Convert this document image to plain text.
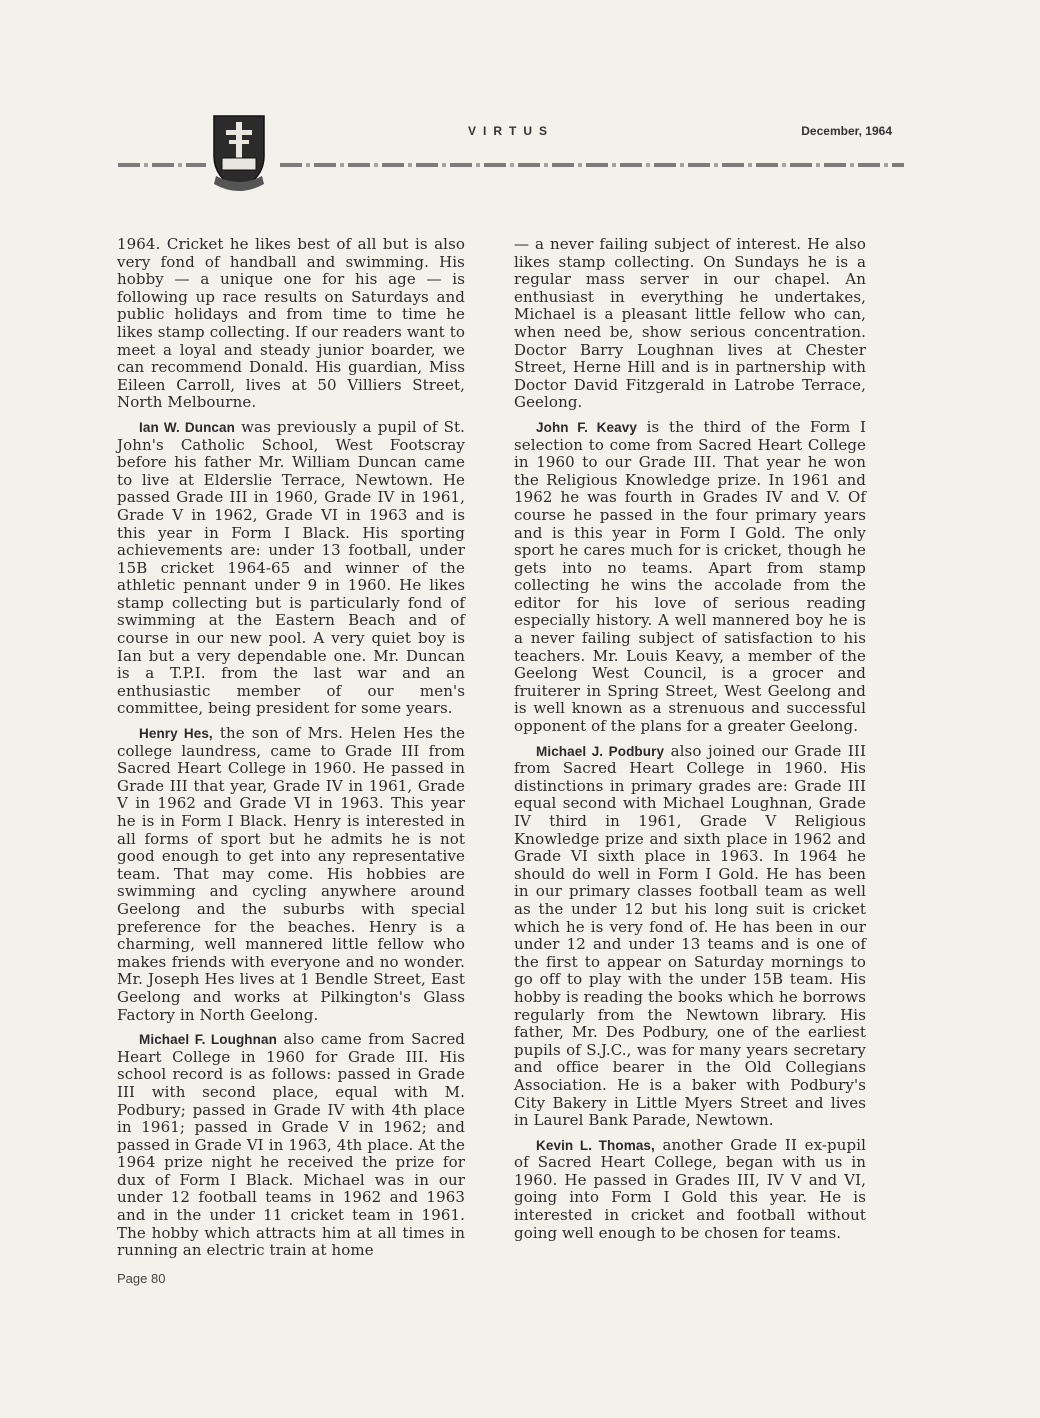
VIRTUS	December, 1964

1964. Cricket he likes best of all but is also very fond of handball and swimming. His hobby — a unique one for his age — is following up race results on Saturdays and public holidays and from time to time he likes stamp collecting. If our readers want to meet a loyal and steady junior boarder, we can recommend Donald. His guardian, Miss Eileen Carroll, lives at 50 Villiers Street, North Melbourne.

Ian W. Duncan was previously a pupil of St. John's Catholic School, West Footscray before his father Mr. William Duncan came to live at Elderslie Terrace, Newtown. He passed Grade III in 1960, Grade IV in 1961, Grade V in 1962, Grade VI in 1963 and is this year in Form I Black. His sporting achievements are: under 13 football, under 15B cricket 1964-65 and winner of the athletic pennant under 9 in 1960. He likes stamp collecting but is particularly fond of swimming at the Eastern Beach and of course in our new pool. A very quiet boy is Ian but a very dependable one. Mr. Duncan is a T.P.I. from the last war and an enthusiastic member of our men's committee, being president for some years.

Henry Hes, the son of Mrs. Helen Hes the college laundress, came to Grade III from Sacred Heart College in 1960. He passed in Grade III that year, Grade IV in 1961, Grade V in 1962 and Grade VI in 1963. This year he is in Form I Black. Henry is interested in all forms of sport but he admits he is not good enough to get into any representative team. That may come. His hobbies are swimming and cycling anywhere around Geelong and the suburbs with special preference for the beaches. Henry is a charming, well mannered little fellow who makes friends with everyone and no wonder. Mr. Joseph Hes lives at 1 Bendle Street, East Geelong and works at Pilkington's Glass Factory in North Geelong.

Michael F. Loughnan also came from Sacred Heart College in 1960 for Grade III. His school record is as follows: passed in Grade III with second place, equal with M. Podbury; passed in Grade IV with 4th place in 1961; passed in Grade V in 1962; and passed in Grade VI in 1963, 4th place. At the 1964 prize night he received the prize for dux of Form I Black. Michael was in our under 12 football teams in 1962 and 1963 and in the under 11 cricket team in 1961. The hobby which attracts him at all times in running an electric train at home

— a never failing subject of interest. He also likes stamp collecting. On Sundays he is a regular mass server in our chapel. An enthusiast in everything he undertakes, Michael is a pleasant little fellow who can, when need be, show serious concentration. Doctor Barry Loughnan lives at Chester Street, Herne Hill and is in partnership with Doctor David Fitzgerald in Latrobe Terrace, Geelong.

John F. Keavy is the third of the Form I selection to come from Sacred Heart College in 1960 to our Grade III. That year he won the Religious Knowledge prize. In 1961 and 1962 he was fourth in Grades IV and V. Of course he passed in the four primary years and is this year in Form I Gold. The only sport he cares much for is cricket, though he gets into no teams. Apart from stamp collecting he wins the accolade from the editor for his love of serious reading especially history. A well mannered boy he is a never failing subject of satisfaction to his teachers. Mr. Louis Keavy, a member of the Geelong West Council, is a grocer and fruiterer in Spring Street, West Geelong and is well known as a strenuous and successful opponent of the plans for a greater Geelong.

Michael J. Podbury also joined our Grade III from Sacred Heart College in 1960. His distinctions in primary grades are: Grade III equal second with Michael Loughnan, Grade IV third in 1961, Grade V Religious Knowledge prize and sixth place in 1962 and Grade VI sixth place in 1963. In 1964 he should do well in Form I Gold. He has been in our primary classes football team as well as the under 12 but his long suit is cricket which he is very fond of. He has been in our under 12 and under 13 teams and is one of the first to appear on Saturday mornings to go off to play with the under 15B team. His hobby is reading the books which he borrows regularly from the Newtown library. His father, Mr. Des Podbury, one of the earliest pupils of S.J.C., was for many years secretary and office bearer in the Old Collegians Association. He is a baker with Podbury's City Bakery in Little Myers Street and lives in Laurel Bank Parade, Newtown.

Kevin L. Thomas, another Grade II ex-pupil of Sacred Heart College, began with us in 1960. He passed in Grades III, IV V and VI, going into Form I Gold this year. He is interested in cricket and football without going well enough to be chosen for teams.

Page 80
